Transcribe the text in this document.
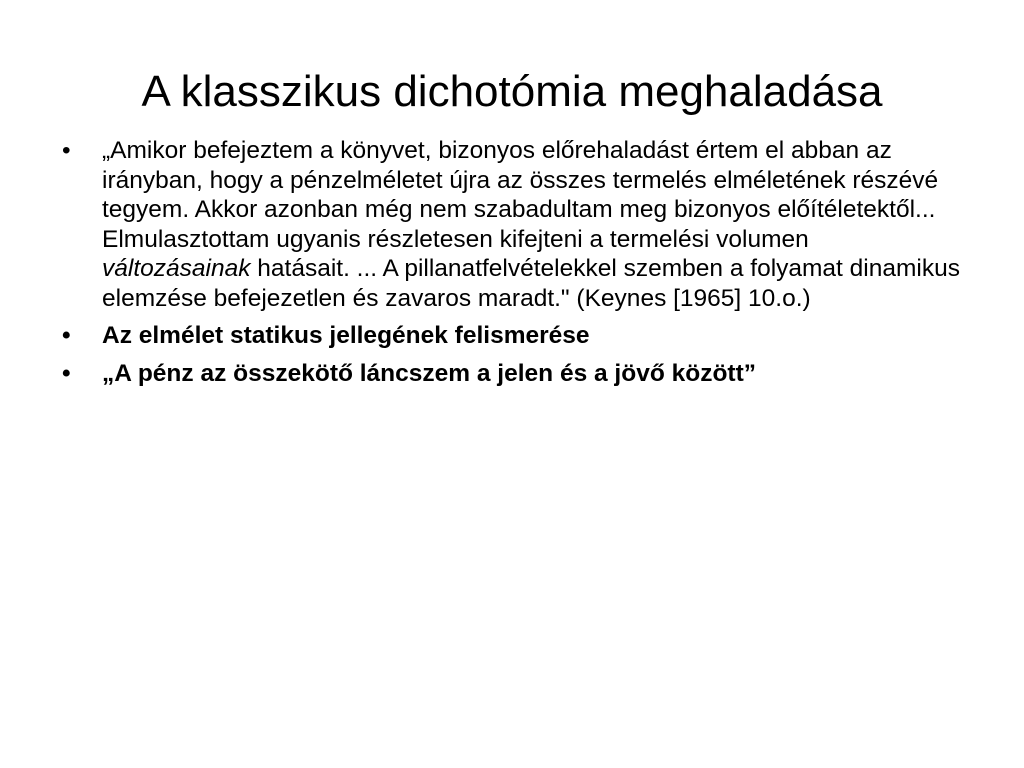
A klasszikus dichotómia meghaladása
•	„Amikor befejeztem a könyvet, bizonyos előrehaladást értem el abban az irányban, hogy a pénzelméletet újra az összes termelés elméletének részévé tegyem. Akkor azonban még nem szabadultam meg bizonyos előítéletektől... Elmulasztottam ugyanis részletesen kifejteni a termelési volumen változásainak hatásait. ... A pillanatfelvételekkel szemben a folyamat dinamikus elemzése befejezetlen és zavaros maradt." (Keynes [1965] 10.o.)
•	Az elmélet statikus jellegének felismerése
•	„A pénz az összekötő láncszem a jelen és a jövő között”
